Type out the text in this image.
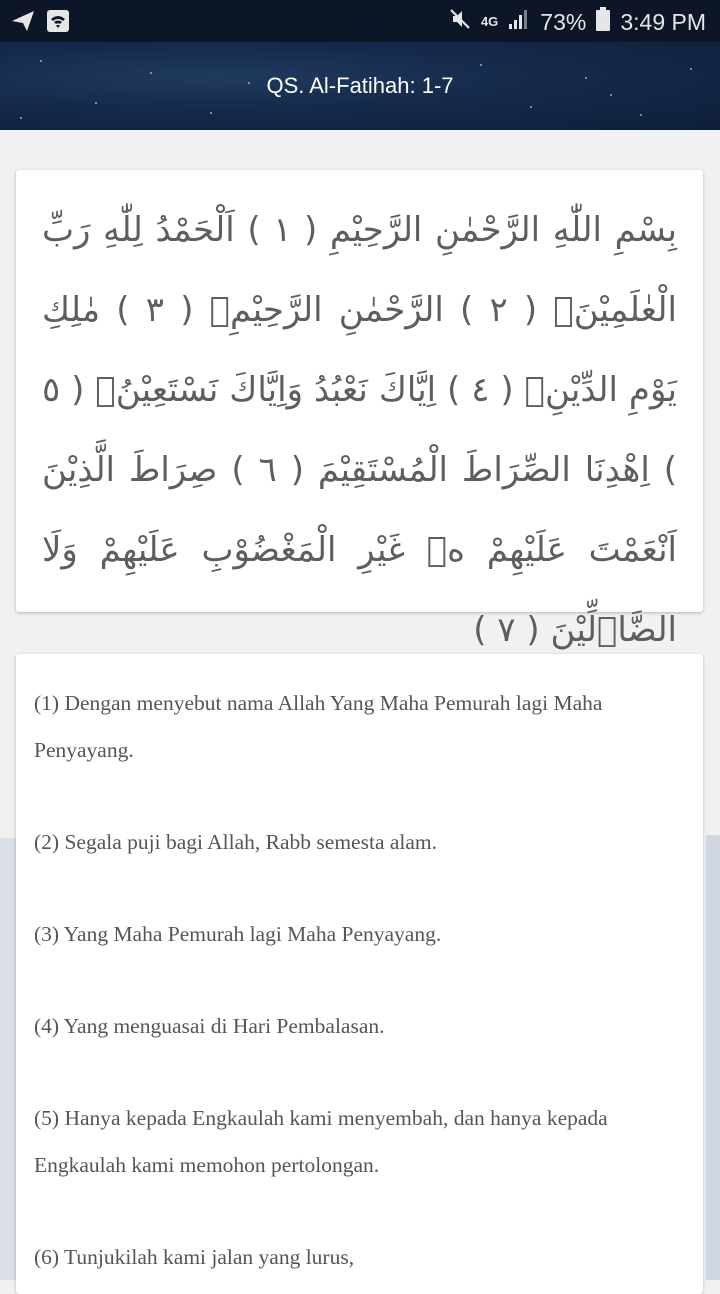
4G 73% 3:49 PM
QS. Al-Fatihah: 1-7
بِسْمِ اللّٰهِ الرَّحْمٰنِ الرَّحِيْمِ ( ١ ) اَلْحَمْدُ لِلّٰهِ رَبِّ الْعٰلَمِيْنَۙ ( ٢ ) الرَّحْمٰنِ الرَّحِيْمِۙ ( ٣ ) مٰلِكِ يَوْمِ الدِّيْنِۗ ( ٤ ) اِيَّاكَ نَعْبُدُ وَاِيَّاكَ نَسْتَعِيْنُۗ ( ٥ ) اِهْدِنَا الصِّرَاطَ الْمُسْتَقِيْمَ ( ٦ ) صِرَاطَ الَّذِيْنَ اَنْعَمْتَ عَلَيْهِمْ ەۙ غَيْرِ الْمَغْضُوْبِ عَلَيْهِمْ وَلَا الضَّاۤلِّيْنَ ( ٧ )
(1) Dengan menyebut nama Allah Yang Maha Pemurah lagi Maha Penyayang.
(2) Segala puji bagi Allah, Rabb semesta alam.
(3) Yang Maha Pemurah lagi Maha Penyayang.
(4) Yang menguasai di Hari Pembalasan.
(5) Hanya kepada Engkaulah kami menyembah, dan hanya kepada Engkaulah kami memohon pertolongan.
(6) Tunjukilah kami jalan yang lurus,
